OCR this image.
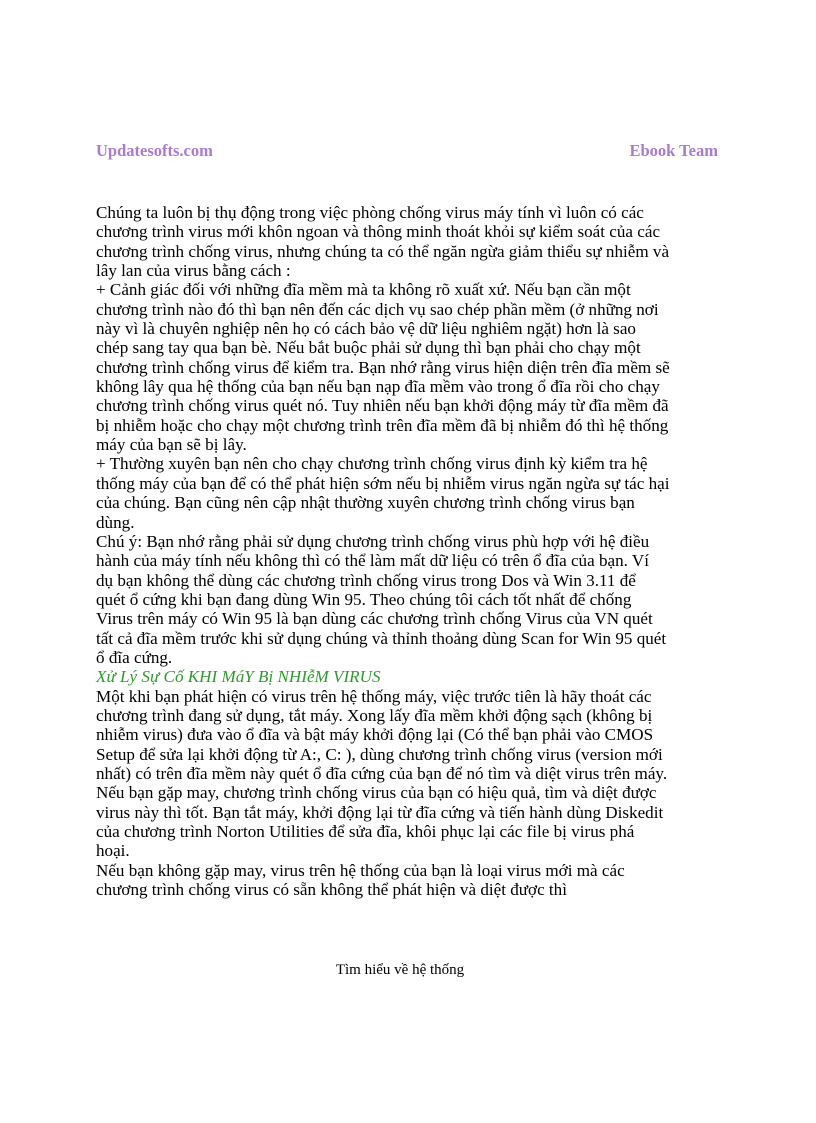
Updatesofts.com	Ebook Team
Chúng ta luôn bị thụ động trong việc phòng chống virus máy tính vì luôn có các
chương trình virus mới khôn ngoan và thông minh thoát khỏi sự kiểm soát của các
chương trình chống virus, nhưng chúng ta có thể ngăn ngừa giảm thiểu sự nhiễm và
lây lan của virus bằng cách :
+ Cảnh giác đối với những đĩa mềm mà ta không rõ xuất xứ. Nếu bạn cần một
chương trình nào đó thì bạn nên đến các dịch vụ sao chép phần mềm (ở những nơi
này vì là chuyên nghiệp nên họ có cách bảo vệ dữ liệu nghiêm ngặt) hơn là sao
chép sang tay qua bạn bè. Nếu bắt buộc phải sử dụng thì bạn phải cho chạy một
chương trình chống virus để kiểm tra. Bạn nhớ rằng virus hiện diện trên đĩa mềm sẽ
không lây qua hệ thống của bạn nếu bạn nạp đĩa mềm vào trong ổ đĩa rồi cho chạy
chương trình chống virus quét nó. Tuy nhiên nếu bạn khởi động máy từ đĩa mềm đã
bị nhiễm hoặc cho chạy một chương trình trên đĩa mềm đã bị nhiễm đó thì hệ thống
máy của bạn sẽ bị lây.
+ Thường xuyên bạn nên cho chạy chương trình chống virus định kỳ kiểm tra hệ
thống máy của bạn để có thể phát hiện sớm nếu bị nhiễm virus ngăn ngừa sự tác hại
của chúng. Bạn cũng nên cập nhật thường xuyên chương trình chống virus bạn
dùng.
Chú ý: Bạn nhớ rằng phải sử dụng chương trình chống virus phù hợp với hệ điều
hành của máy tính nếu không thì có thể làm mất dữ liệu có trên ổ đĩa của bạn. Ví
dụ bạn không thể dùng các chương trình chống virus trong Dos và Win 3.11 để
quét ổ cứng khi bạn đang dùng Win 95. Theo chúng tôi cách tốt nhất để chống
Virus trên máy có Win 95 là bạn dùng các chương trình chống Virus của VN quét
tất cả đĩa mềm trước khi sử dụng chúng và thỉnh thoảng dùng Scan for Win 95 quét
ổ đĩa cứng.
Xử Lý Sự Cố KHI MáY Bị NHIễM VIRUS
Một khi bạn phát hiện có virus trên hệ thống máy, việc trước tiên là hãy thoát các
chương trình đang sử dụng, tắt máy. Xong lấy đĩa mềm khởi động sạch (không bị
nhiễm virus) đưa vào ổ đĩa và bật máy khởi động lại (Có thể bạn phải vào CMOS
Setup để sửa lại khởi động từ A:, C: ), dùng chương trình chống virus (version mới
nhất) có trên đĩa mềm này quét ổ đĩa cứng của bạn để nó tìm và diệt virus trên máy.
Nếu bạn gặp may, chương trình chống virus của bạn có hiệu quả, tìm và diệt được
virus này thì tốt. Bạn tắt máy, khởi động lại từ đĩa cứng và tiến hành dùng Diskedit
của chương trình Norton Utilities để sửa đĩa, khôi phục lại các file bị virus phá
hoại.
Nếu bạn không gặp may, virus trên hệ thống của bạn là loại virus mới mà các
chương trình chống virus có sẵn không thể phát hiện và diệt được thì
Tìm hiểu về hệ thống
